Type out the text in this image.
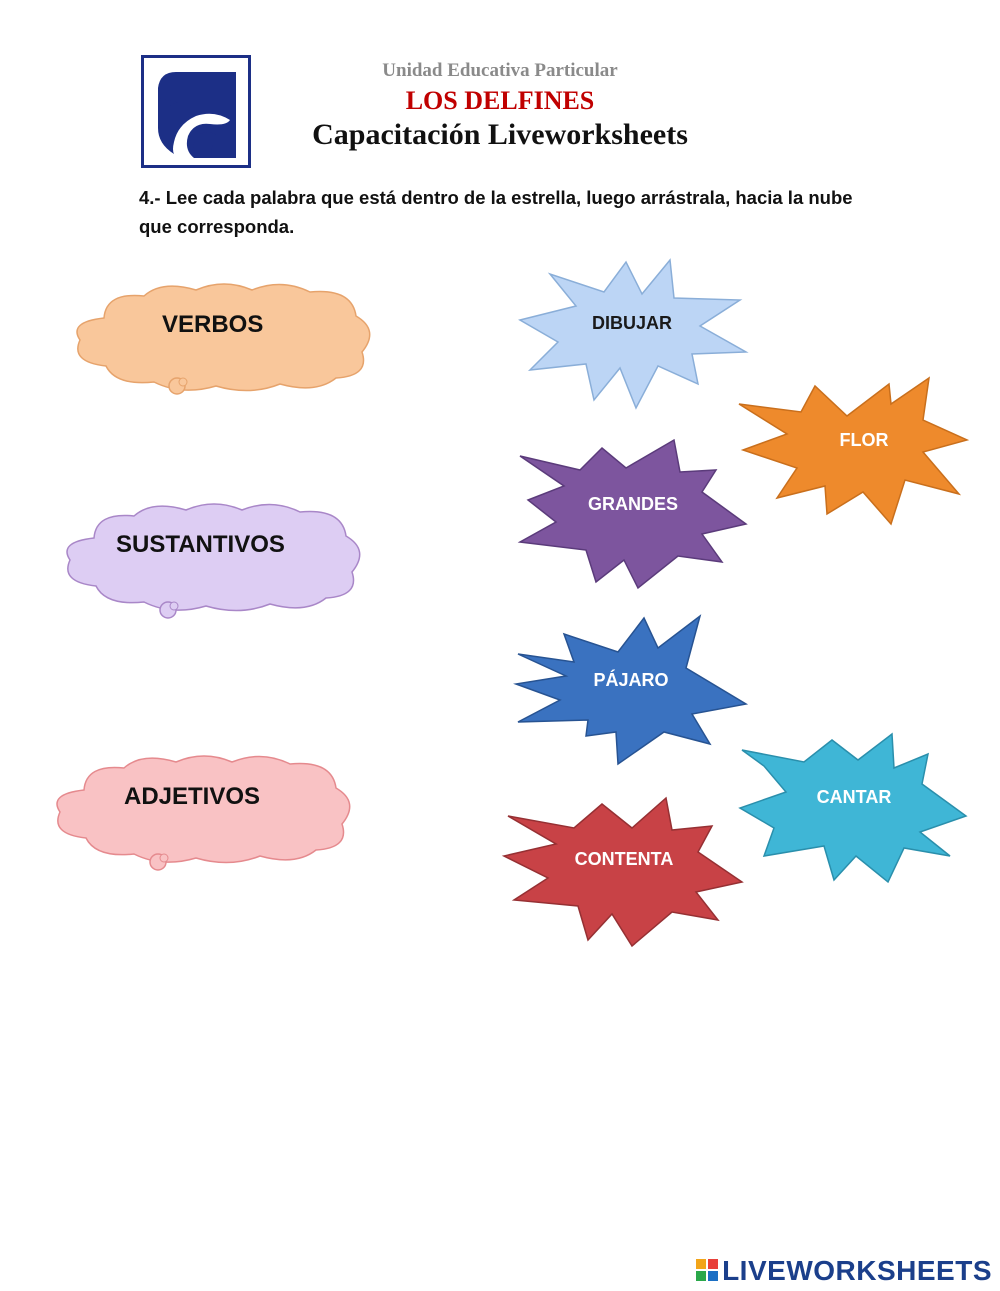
Unidad Educativa Particular
LOS DELFINES
Capacitación Liveworksheets
4.- Lee cada palabra que está dentro de la estrella, luego arrástrala, hacia la nube que corresponda.
VERBOS
SUSTANTIVOS
ADJETIVOS
DIBUJAR
FLOR
GRANDES
PÁJARO
CANTAR
CONTENTA
LIVEWORKSHEETS
